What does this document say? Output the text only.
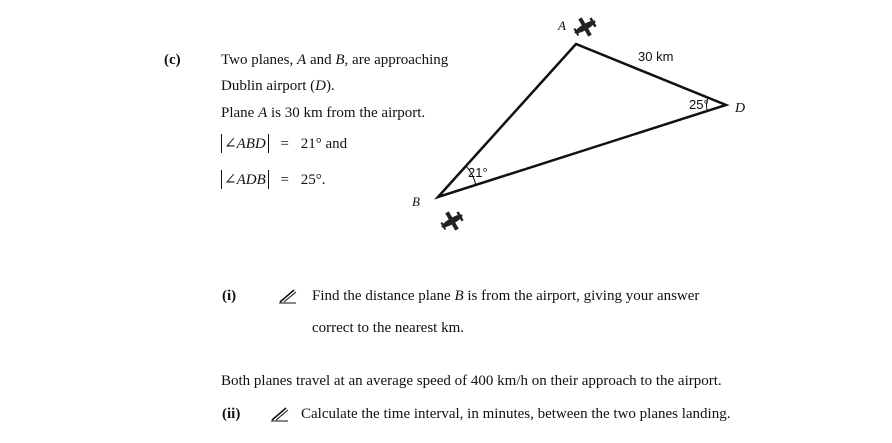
(c)	Two planes, A and B, are approaching
Dublin airport (D).
Plane A is 30 km from the airport.
∠ABD = 21° and
∠ADB = 25°.
A
B
D
30 km
21°
25°
(i)	Find the distance plane B is from the airport, giving your answer
correct to the nearest km.
Both planes travel at an average speed of 400 km/h on their approach to the airport.
(ii)	Calculate the time interval, in minutes, between the two planes landing.
